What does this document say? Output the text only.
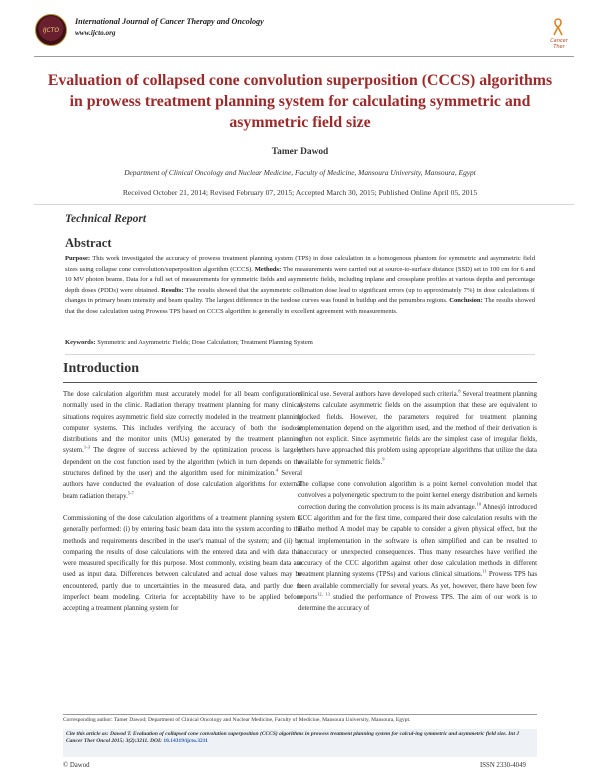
IJCTO
International Journal of Cancer Therapy and Oncology
www.ijcto.org
Cancer
Ther
Evaluation of collapsed cone convolution superposition (CCCS) algorithms in prowess treatment planning system for calculating symmetric and asymmetric field size
Tamer Dawod
Department of Clinical Oncology and Nuclear Medicine, Faculty of Medicine, Mansoura University, Mansoura, Egypt
Received October 21, 2014; Revised February 07, 2015; Accepted March 30, 2015; Published Online April 05, 2015
Technical Report
Abstract
Purpose: This work investigated the accuracy of prowess treatment planning system (TPS) in dose calculation in a homogenous phantom for symmetric and asymmetric field sizes using collapse cone convolution/superposition algorithm (CCCS). Methods: The measurements were carried out at source-to-surface distance (SSD) set to 100 cm for 6 and 10 MV photon beams. Data for a full set of measurements for symmetric fields and asymmetric fields, including inplane and crossplane profiles at various depths and percentage depth doses (PDDs) were obtained. Results: The results showed that the asymmetric collimation dose lead to significant errors (up to approximately 7%) in dose calculations if changes in primary beam intensity and beam quality. The largest difference in the isodose curves was found in buildup and the penumbra regions. Conclusion: The results showed that the dose calculation using Prowess TPS based on CCCS algorithm is generally in excellent agreement with measurements.
Keywords: Symmetric and Asymmetric Fields; Dose Calculation; Treatment Planning System
Introduction

The dose calculation algorithm must accurately model for all beam configurations normally used in the clinic. Radiation therapy treatment planning for many clinical situations requires asymmetric field size correctly modeled in the treatment planning computer systems. This includes verifying the accuracy of both the isodose distributions and the monitor units (MUs) generated by the treatment planning system.$^{1-3}$ The degree of success achieved by the optimization process is largely dependent on the cost function used by the algorithm (which in turn depends on the structures defined by the user) and the algorithm used for minimization.$^4$ Several authors have conducted the evaluation of dose calculation algorithms for external beam radiation therapy.$^{5-7}$

Commissioning of the dose calculation algorithms of a treatment planning system is generally performed: (i) by entering basic beam data into the system according to the methods and requirements described in the user's manual of the system; and (ii) by comparing the results of dose calculations with the entered data and with data that were measured specifically for this purpose. Most commonly, existing beam data are used as input data. Differences between calculated and actual dose values may be encountered, partly due to uncertainties in the measured data, and partly due to imperfect beam modeling. Criteria for acceptability have to be applied before accepting a treatment planning system for

clinical use. Several authors have developed such criteria.$^8$ Several treatment planning systems calculate asymmetric fields on the assumption that these are equivalent to blocked fields. However, the parameters required for treatment planning implementation depend on the algorithm used, and the method of their derivation is often not explicit. Since asymmetric fields are the simplest case of irregular fields, others have approached this problem using appropriate algorithms that utilize the data available for symmetric fields.$^9$

The collapse cone convolution algorithm is a point kernel convolution model that convolves a polyenergetic spectrum to the point kernel energy distribution and kernels correction during the convolution process is its main advantage.$^{10}$ Ahnesjö introduced CCC algorithm and for the first time, compared their dose calculation results with the Batho method A model may be capable to consider a given physical effect, but the actual implementation in the software is often simplified and can be resulted to inaccuracy or unexpected consequences. Thus many researches have verified the accuracy of the CCC algorithm against other dose calculation methods in different treatment planning systems (TPSs) and various clinical situations.$^{11}$ Prowess TPS has been available commercially for several years. As yet, however, there have been few reports$^{12, 13}$ studied the performance of Prowess TPS. The aim of our work is to determine the accuracy of

Corresponding author: Tamer Dawod; Department of Clinical Oncology and Nuclear Medicine, Faculty of Medicine, Mansoura University, Mansoura, Egypt.
Cite this article as: Dawod T. Evaluation of collapsed cone convolution superposition (CCCS) algorithms in prowess treatment planning system for calcul-ing symmetric and asymmetric field size. Int J Cancer Ther Oncol 2015; 3(2):3211. DOI: 10.14319/ijcto.3211
© Dawod	ISSN 2330-4049
